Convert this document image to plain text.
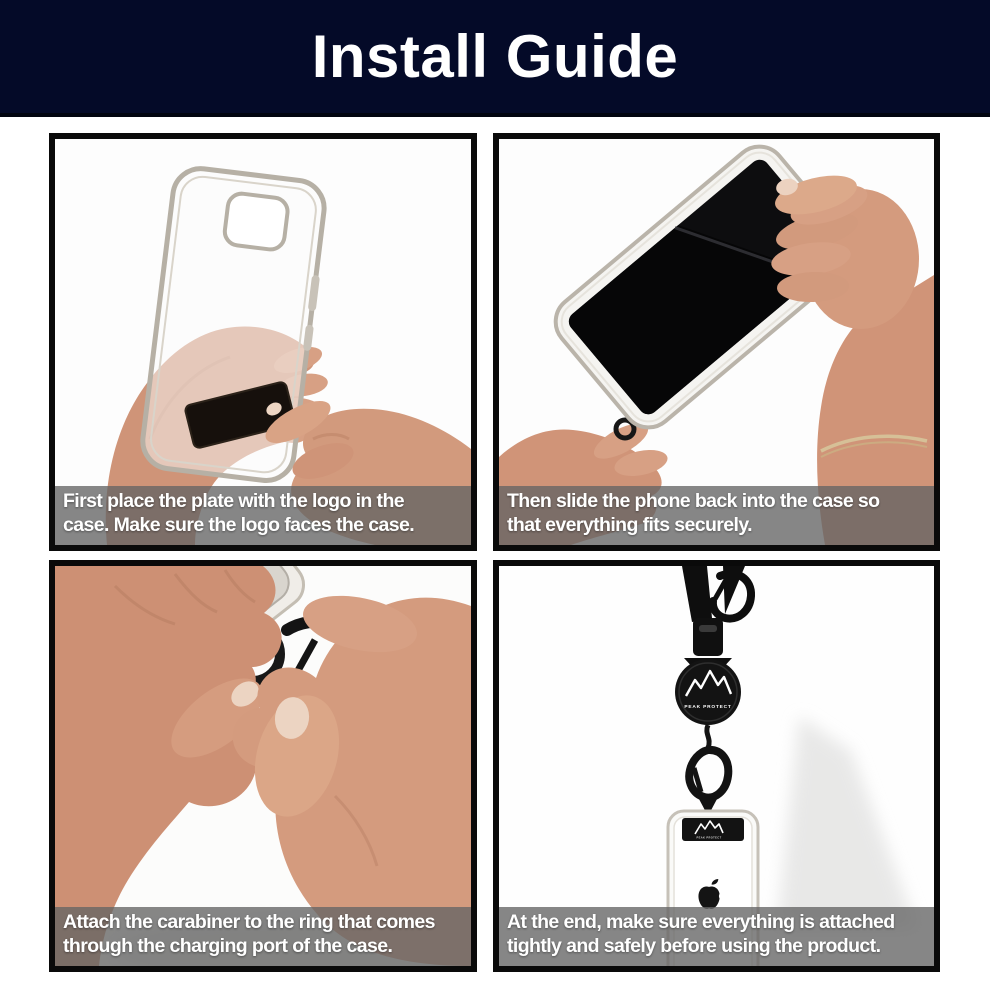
Install Guide
First place the plate with the logo in the
case. Make sure the logo faces the case.
Then slide the phone back into the case so
that everything fits securely.
Attach the carabiner to the ring that comes
through the charging port of the case.
PEAK PROTECT
PEAK PROTECT
At the end, make sure everything is attached
tightly and safely before using the product.
